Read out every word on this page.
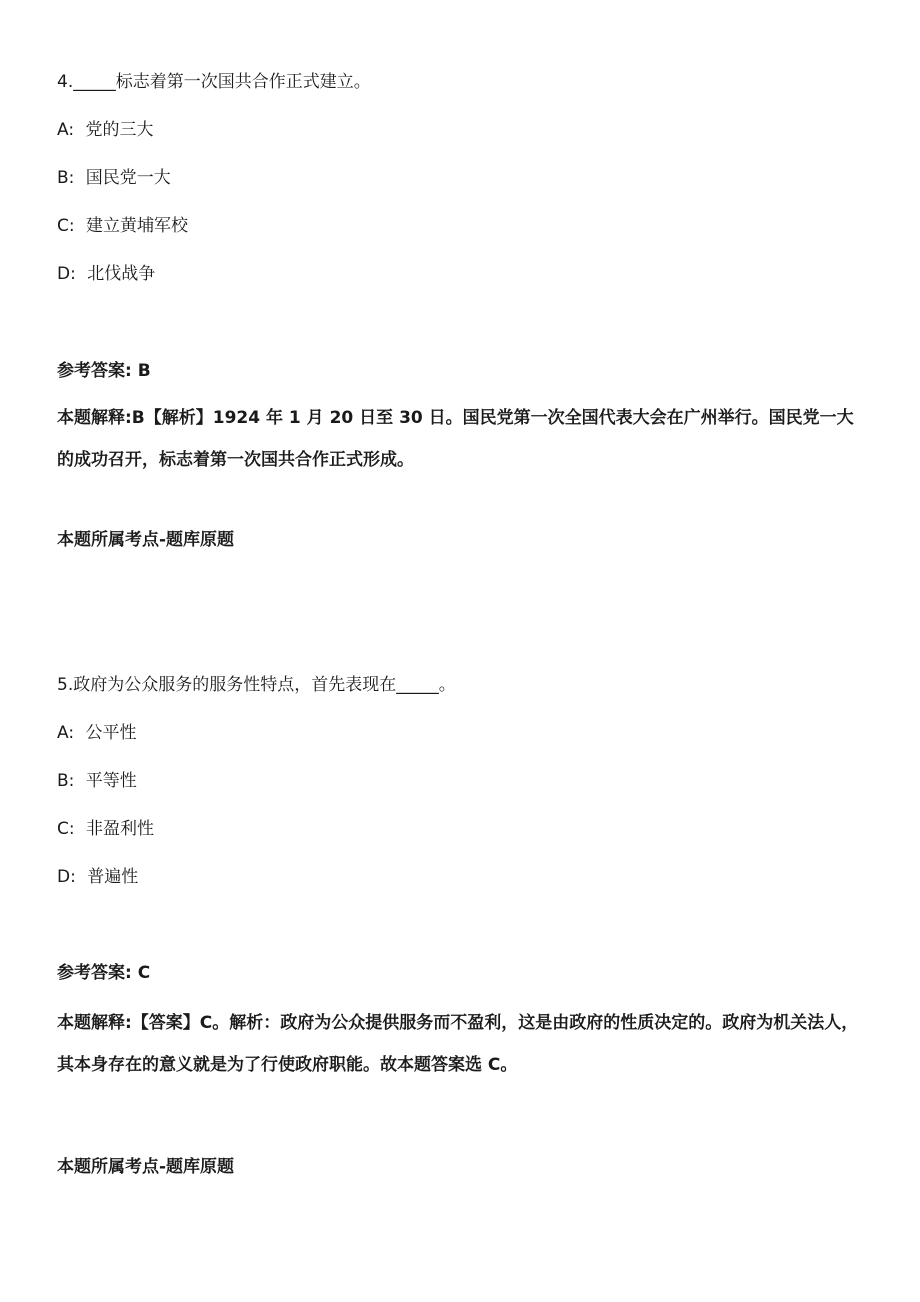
4._____标志着第一次国共合作正式建立。
A: 党的三大
B: 国民党一大
C: 建立黄埔军校
D: 北伐战争
参考答案: B
本题解释:B【解析】1924 年 1 月 20 日至 30 日。国民党第一次全国代表大会在广州举行。国民党一大的成功召开，标志着第一次国共合作正式形成。
本题所属考点-题库原题
5.政府为公众服务的服务性特点，首先表现在_____。
A: 公平性
B: 平等性
C: 非盈利性
D: 普遍性
参考答案: C
本题解释:【答案】C。解析：政府为公众提供服务而不盈利，这是由政府的性质决定的。政府为机关法人，其本身存在的意义就是为了行使政府职能。故本题答案选 C。
本题所属考点-题库原题
